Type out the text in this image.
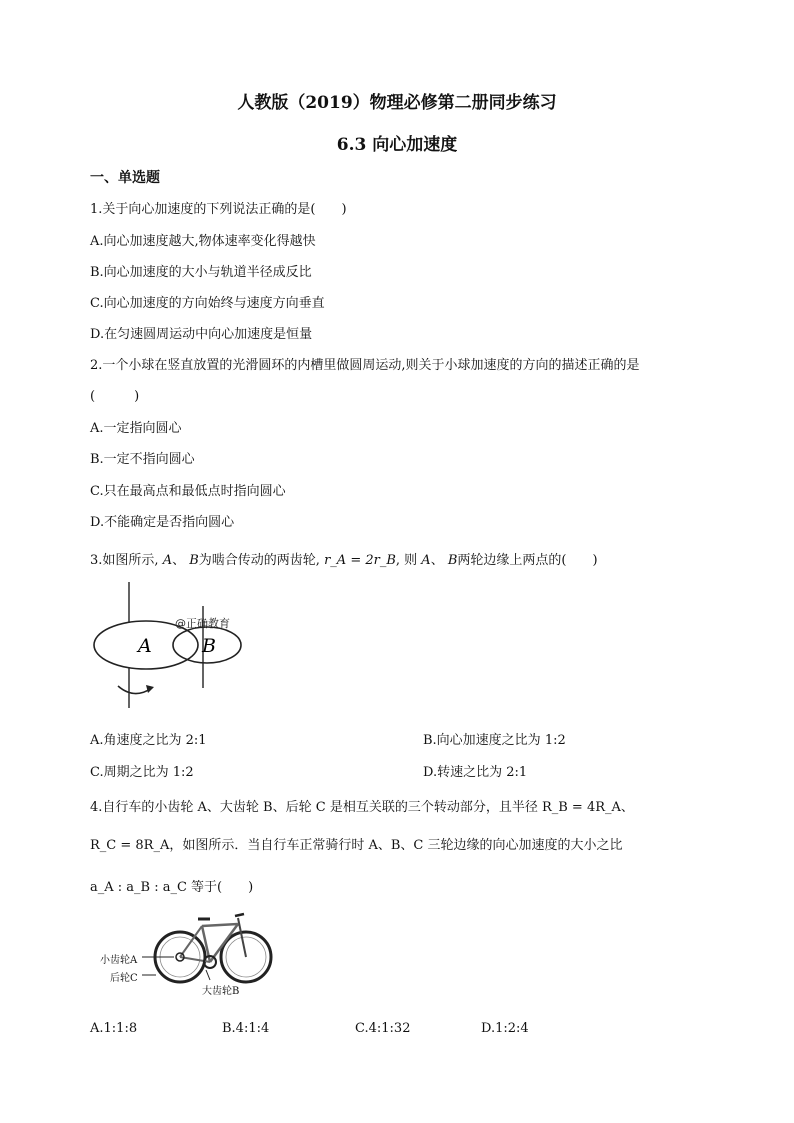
人教版（2019）物理必修第二册同步练习
6.3 向心加速度
一、单选题
1.关于向心加速度的下列说法正确的是(　　)
A.向心加速度越大,物体速率变化得越快
B.向心加速度的大小与轨道半径成反比
C.向心加速度的方向始终与速度方向垂直
D.在匀速圆周运动中向心加速度是恒量
2.一个小球在竖直放置的光滑圆环的内槽里做圆周运动,则关于小球加速度的方向的描述正确的是
(　　　)
A.一定指向圆心
B.一定不指向圆心
C.只在最高点和最低点时指向圆心
D.不能确定是否指向圆心
3.如图所示, A、 B为啮合传动的两齿轮, r_A = 2r_B, 则 A、 B两轮边缘上两点的(　　)
A	B
@正确教育
A.角速度之比为 2:1	B.向心加速度之比为 1:2
C.周期之比为 1:2	D.转速之比为 2:1
4.自行车的小齿轮 A、大齿轮 B、后轮 C 是相互关联的三个转动部分，且半径 R_B = 4R_A、
R_C = 8R_A，如图所示．当自行车正常骑行时 A、B、C 三轮边缘的向心加速度的大小之比
a_A : a_B : a_C 等于(　　)
小齿轮A
后轮C
大齿轮B
A.1:1:8	B.4:1:4	C.4:1:32	D.1:2:4
